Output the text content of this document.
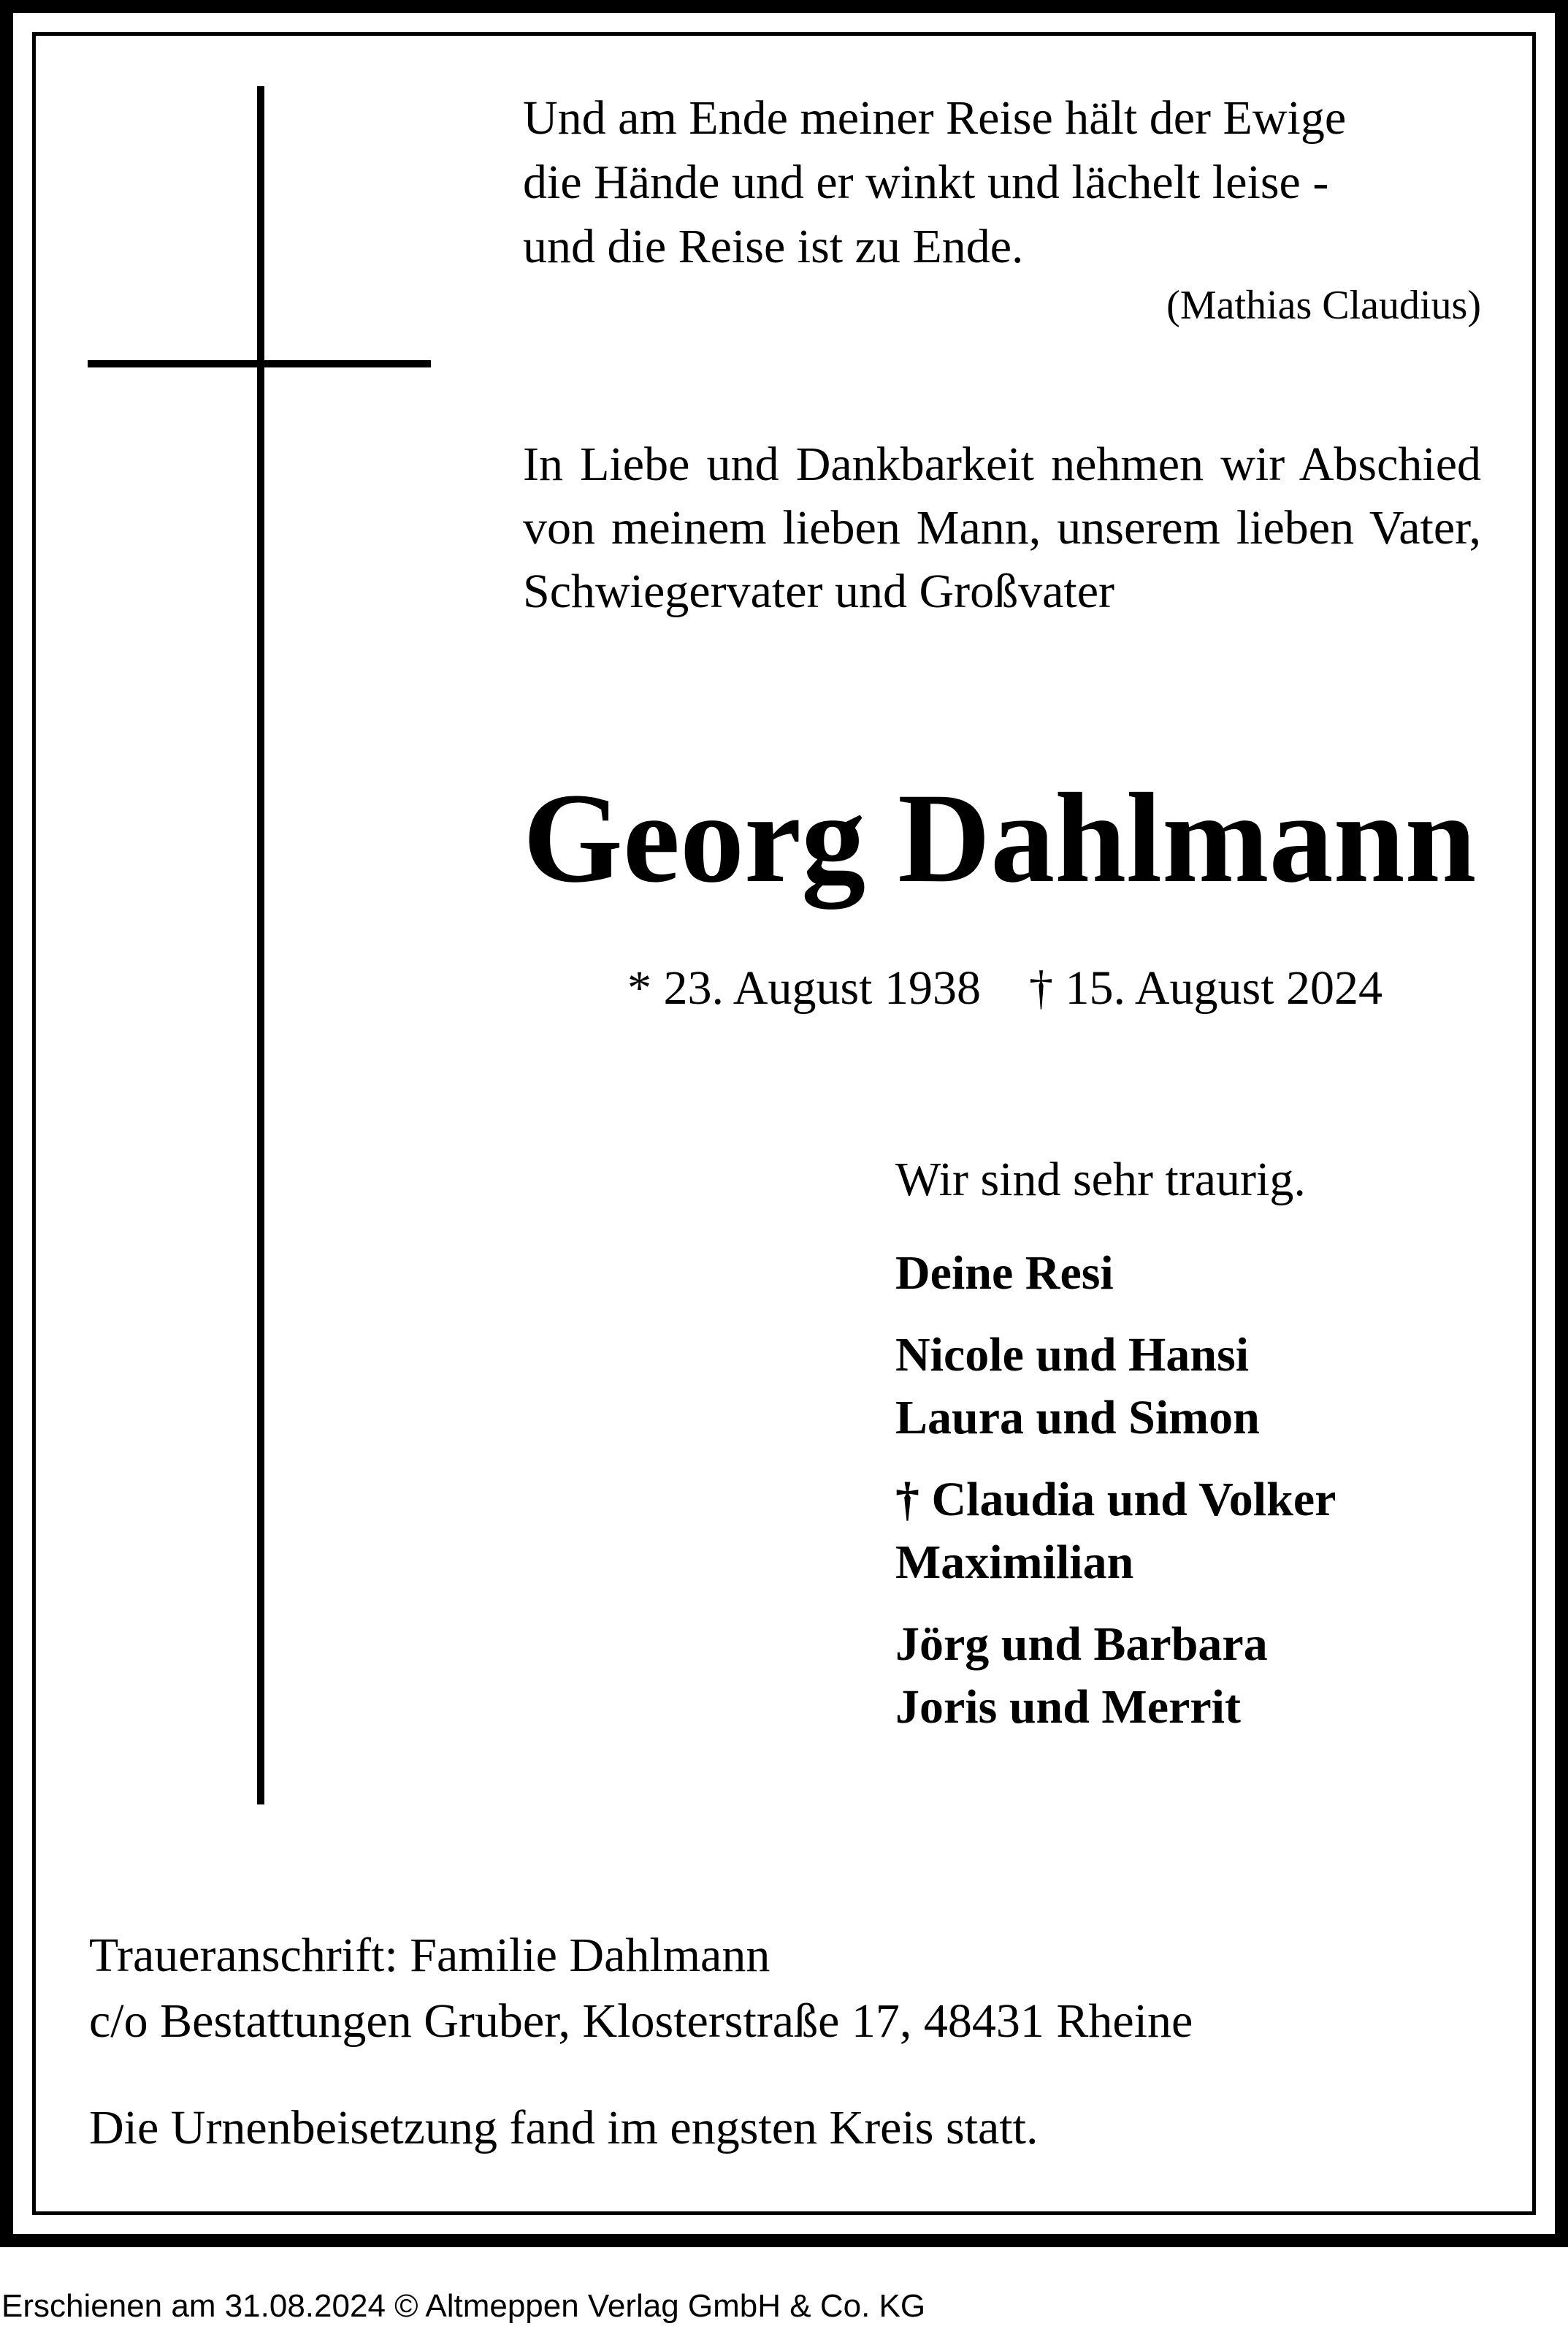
Und am Ende meiner Reise hält der Ewige

die Hände und er winkt und lächelt leise -

und die Reise ist zu Ende.

(Mathias Claudius)

In Liebe und Dankbarkeit nehmen wir Abschied von meinem lieben Mann, unserem lieben Vater, Schwiegervater und Großvater

Georg Dahlmann

* 23. August 1938    † 15. August 2024

Wir sind sehr traurig.

Deine Resi
Nicole und Hansi
Laura und Simon
† Claudia und Volker
Maximilian
Jörg und Barbara
Joris und Merrit
Traueranschrift: Familie Dahlmann
c/o Bestattungen Gruber, Klosterstraße 17, 48431 Rheine

Die Urnenbeisetzung fand im engsten Kreis statt.

Erschienen am 31.08.2024 © Altmeppen Verlag GmbH & Co. KG
